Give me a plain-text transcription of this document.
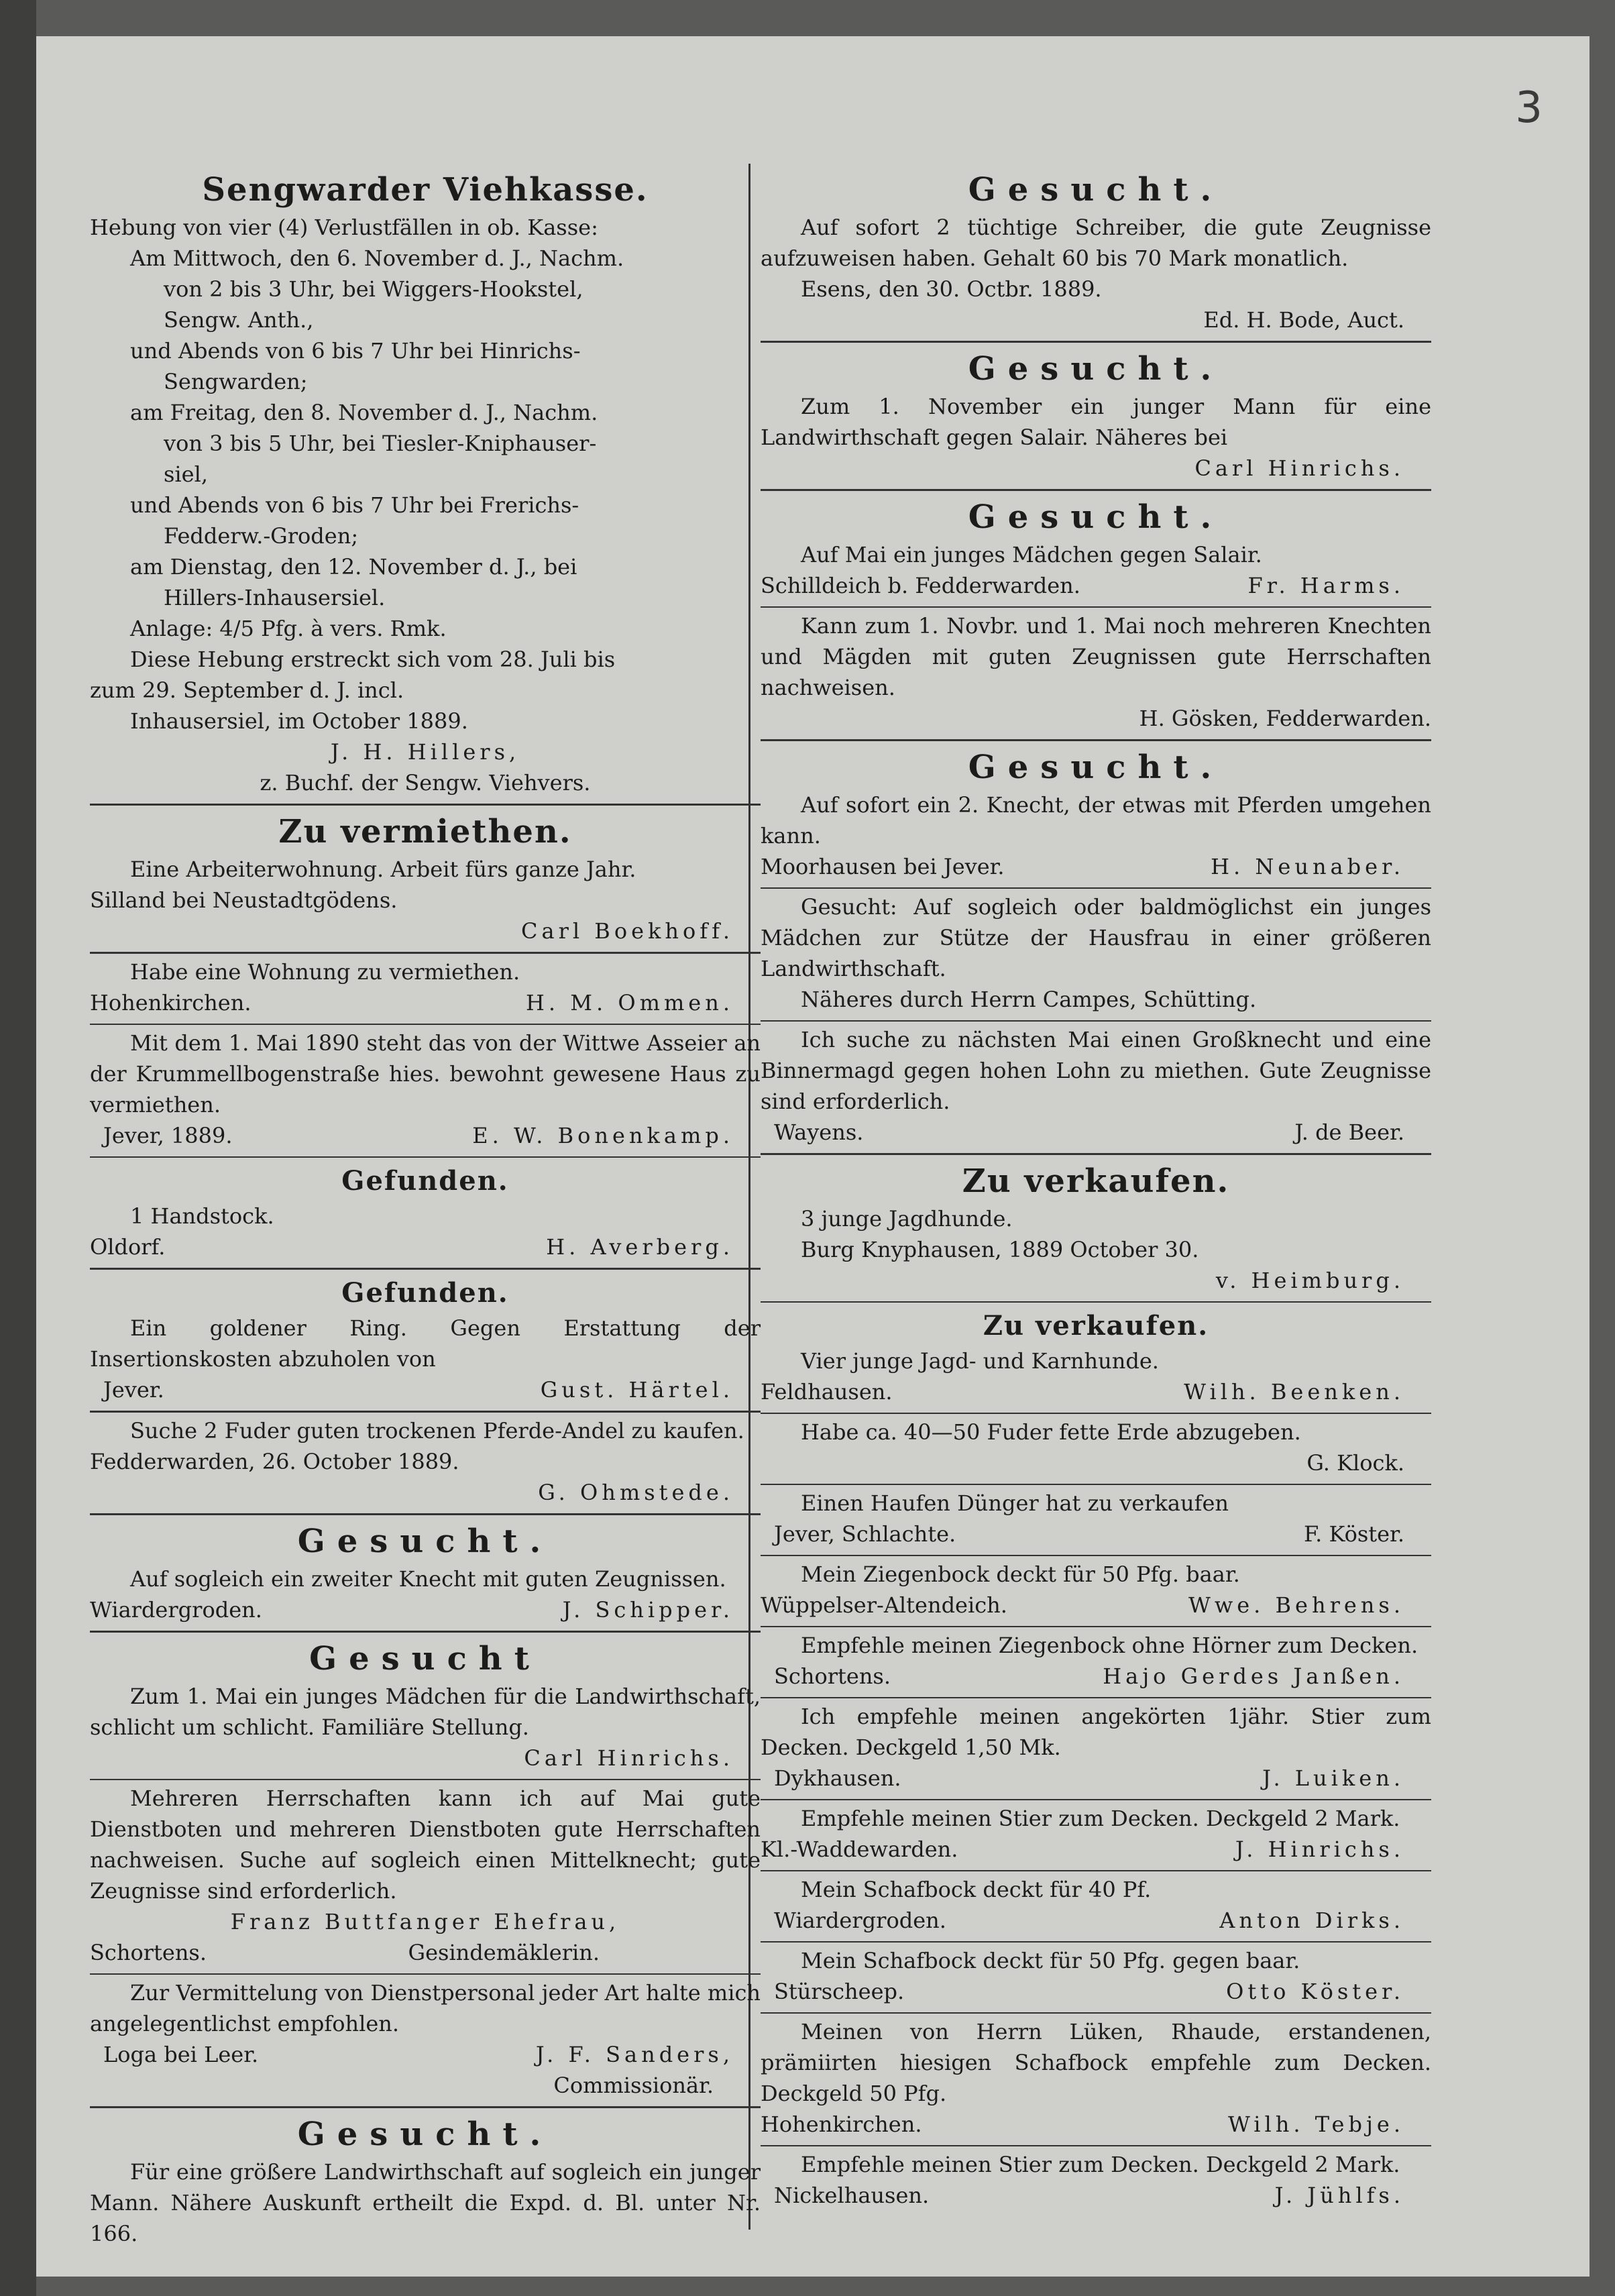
3
Sengwarder Viehkasse.

Hebung von vier (4) Verlustfällen in ob. Kasse:

Am Mittwoch, den 6. November d. J., Nachm.

von 2 bis 3 Uhr, bei Wiggers-Hookstel,

Sengw. Anth.,

und Abends von 6 bis 7 Uhr bei Hinrichs-

Sengwarden;

am Freitag, den 8. November d. J., Nachm.

von 3 bis 5 Uhr, bei Tiesler-Kniphauser-

siel,

und Abends von 6 bis 7 Uhr bei Frerichs-

Fedderw.-Groden;

am Dienstag, den 12. November d. J., bei

Hillers-Inhausersiel.

Anlage: 4/5 Pfg. à vers. Rmk.

Diese Hebung erstreckt sich vom 28. Juli bis

zum 29. September d. J. incl.

Inhausersiel, im October 1889.

J. H. Hillers,

z. Buchf. der Sengw. Viehvers.

Zu vermiethen.

Eine Arbeiterwohnung. Arbeit fürs ganze Jahr.

Silland bei Neustadtgödens.

Carl Boekhoff.

Habe eine Wohnung zu vermiethen.

Hohenkirchen.	H. M. Ommen.

Mit dem 1. Mai 1890 steht das von der Wittwe Asseier an der Krummellbogenstraße hies. bewohnt gewesene Haus zu vermiethen.

Jever, 1889.	E. W. Bonenkamp.
Gefunden.

1 Handstock.

Oldorf.	H. Averberg.
Gefunden.

Ein goldener Ring. Gegen Erstattung der Insertionskosten abzuholen von

Jever.	Gust. Härtel.

Suche 2 Fuder guten trockenen Pferde-Andel zu kaufen.

Fedderwarden, 26. October 1889.

G. Ohmstede.
Gesucht.

Auf sogleich ein zweiter Knecht mit guten Zeugnissen.

Wiardergroden.	J. Schipper.
Gesucht

Zum 1. Mai ein junges Mädchen für die Landwirthschaft, schlicht um schlicht. Familiäre Stellung.

Carl Hinrichs.

Mehreren Herrschaften kann ich auf Mai gute Dienstboten und mehreren Dienstboten gute Herrschaften nachweisen. Suche auf sogleich einen Mittelknecht; gute Zeugnisse sind erforderlich.

Franz Buttfanger Ehefrau,

Schortens.	Gesindemäklerin.

Zur Vermittelung von Dienstpersonal jeder Art halte mich angelegentlichst empfohlen.

Loga bei Leer.	J. F. Sanders,
Commissionär.
Gesucht.

Für eine größere Landwirthschaft auf sogleich ein junger Mann. Nähere Auskunft ertheilt die Expd. d. Bl. unter Nr. 166.

Gesucht.

Auf sofort 2 tüchtige Schreiber, die gute Zeugnisse aufzuweisen haben. Gehalt 60 bis 70 Mark monatlich.

Esens, den 30. Octbr. 1889.

Ed. H. Bode, Auct.
Gesucht.

Zum 1. November ein junger Mann für eine Landwirthschaft gegen Salair. Näheres bei

Carl Hinrichs.
Gesucht.

Auf Mai ein junges Mädchen gegen Salair.

Schilldeich b. Fedderwarden.	Fr. Harms.

Kann zum 1. Novbr. und 1. Mai noch mehreren Knechten und Mägden mit guten Zeugnissen gute Herrschaften nachweisen.

H. Gösken, Fedderwarden.
Gesucht.

Auf sofort ein 2. Knecht, der etwas mit Pferden umgehen kann.

Moorhausen bei Jever.	H. Neunaber.

Gesucht: Auf sogleich oder baldmöglichst ein junges Mädchen zur Stütze der Hausfrau in einer größeren Landwirthschaft.

Näheres durch Herrn Campes, Schütting.

Ich suche zu nächsten Mai einen Großknecht und eine Binnermagd gegen hohen Lohn zu miethen. Gute Zeugnisse sind erforderlich.

Wayens.	J. de Beer.
Zu verkaufen.

3 junge Jagdhunde.

Burg Knyphausen, 1889 October 30.

v. Heimburg.
Zu verkaufen.

Vier junge Jagd- und Karnhunde.

Feldhausen.	Wilh. Beenken.

Habe ca. 40—50 Fuder fette Erde abzugeben.

G. Klock.

Einen Haufen Dünger hat zu verkaufen

Jever, Schlachte.	F. Köster.

Mein Ziegenbock deckt für 50 Pfg. baar.

Wüppelser-Altendeich.	Wwe. Behrens.

Empfehle meinen Ziegenbock ohne Hörner zum Decken.

Schortens.	Hajo Gerdes Janßen.

Ich empfehle meinen angekörten 1jähr. Stier zum Decken. Deckgeld 1,50 Mk.

Dykhausen.	J. Luiken.

Empfehle meinen Stier zum Decken. Deckgeld 2 Mark.

Kl.-Waddewarden.	J. Hinrichs.

Mein Schafbock deckt für 40 Pf.

Wiardergroden.	Anton Dirks.

Mein Schafbock deckt für 50 Pfg. gegen baar.

Stürscheep.	Otto Köster.

Meinen von Herrn Lüken, Rhaude, erstandenen, prämiirten hiesigen Schafbock empfehle zum Decken. Deckgeld 50 Pfg.

Hohenkirchen.	Wilh. Tebje.

Empfehle meinen Stier zum Decken. Deckgeld 2 Mark.

Nickelhausen.	J. Jühlfs.
